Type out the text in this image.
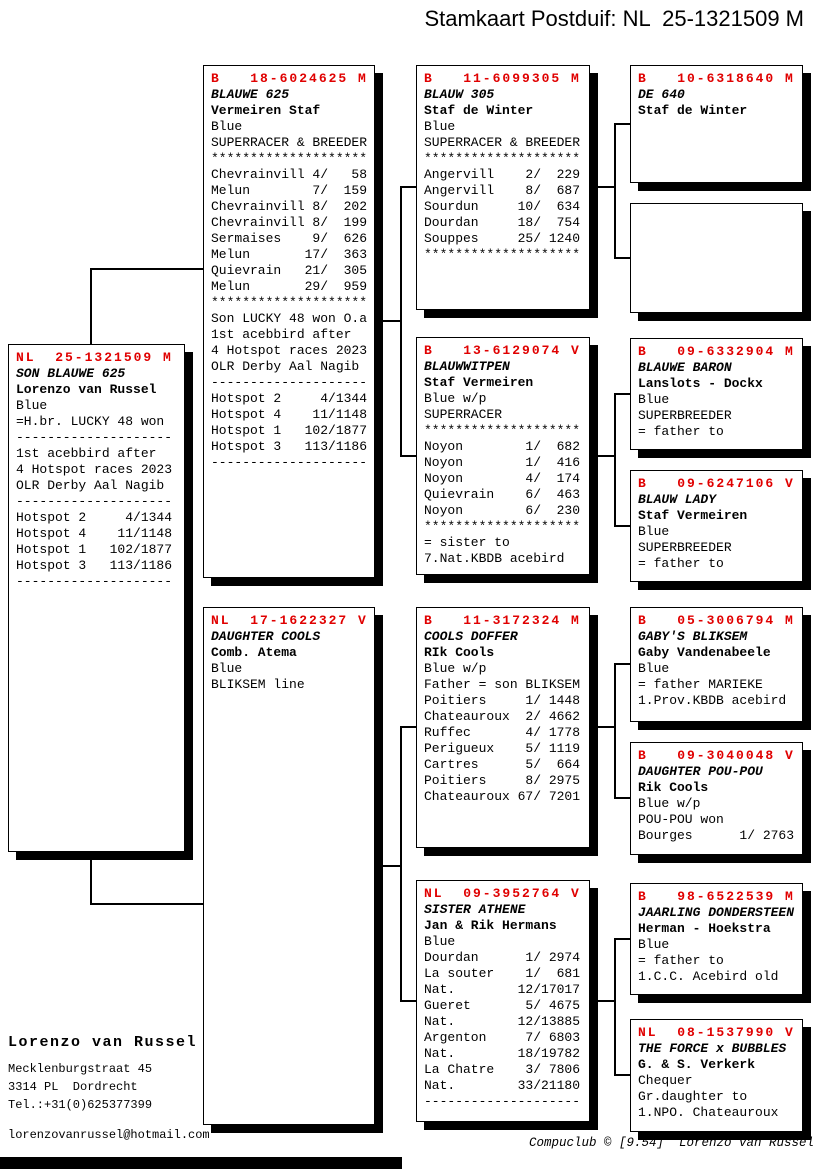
Stamkaart Postduif: NL  25-1321509 M
NL  25-1321509 M
SON BLAUWE 625
Lorenzo van Russel
Blue
=H.br. LUCKY 48 won
--------------------
1st acebbird after
4 Hotspot races 2023
OLR Derby Aal Nagib
--------------------
Hotspot 2     4/1344
Hotspot 4    11/1148
Hotspot 1   102/1877
Hotspot 3   113/1186
--------------------
B   18-6024625 M
BLAUWE 625
Vermeiren Staf
Blue
SUPERRACER & BREEDER
********************
Chevrainvill 4/   58
Melun        7/  159
Chevrainvill 8/  202
Chevrainvill 8/  199
Sermaises    9/  626
Melun       17/  363
Quievrain   21/  305
Melun       29/  959
********************
Son LUCKY 48 won O.a
1st acebbird after
4 Hotspot races 2023
OLR Derby Aal Nagib
--------------------
Hotspot 2     4/1344
Hotspot 4    11/1148
Hotspot 1   102/1877
Hotspot 3   113/1186
--------------------
NL  17-1622327 V
DAUGHTER COOLS
Comb. Atema
Blue
BLIKSEM line
B   11-6099305 M
BLAUW 305
Staf de Winter
Blue
SUPERRACER & BREEDER
********************
Angervill    2/  229
Angervill    8/  687
Sourdun     10/  634
Dourdan     18/  754
Souppes     25/ 1240
********************
B   13-6129074 V
BLAUWWITPEN
Staf Vermeiren
Blue w/p
SUPERRACER
********************
Noyon        1/  682
Noyon        1/  416
Noyon        4/  174
Quievrain    6/  463
Noyon        6/  230
********************
= sister to
7.Nat.KBDB acebird
B   11-3172324 M
COOLS DOFFER
RIk Cools
Blue w/p
Father = son BLIKSEM
Poitiers     1/ 1448
Chateauroux  2/ 4662
Ruffec       4/ 1778
Perigueux    5/ 1119
Cartres      5/  664
Poitiers     8/ 2975
Chateauroux 67/ 7201
NL  09-3952764 V
SISTER ATHENE
Jan & Rik Hermans
Blue
Dourdan      1/ 2974
La souter    1/  681
Nat.        12/17017
Gueret       5/ 4675
Nat.        12/13885
Argenton     7/ 6803
Nat.        18/19782
La Chatre    3/ 7806
Nat.        33/21180
--------------------
B   10-6318640 M
DE 640
Staf de Winter
B   09-6332904 M
BLAUWE BARON
Lanslots - Dockx
Blue
SUPERBREEDER
= father to
B   09-6247106 V
BLAUW LADY
Staf Vermeiren
Blue
SUPERBREEDER
= father to
B   05-3006794 M
GABY'S BLIKSEM
Gaby Vandenabeele
Blue
= father MARIEKE
1.Prov.KBDB acebird
B   09-3040048 V
DAUGHTER POU-POU
Rik Cools
Blue w/p
POU-POU won
Bourges      1/ 2763
B   98-6522539 M
JAARLING DONDERSTEEN
Herman - Hoekstra
Blue
= father to
1.C.C. Acebird old
NL  08-1537990 V
THE FORCE x BUBBLES
G. & S. Verkerk
Chequer
Gr.daughter to
1.NPO. Chateauroux
Lorenzo van Russel
Mecklenburgstraat 45
3314 PL  Dordrecht
Tel.:+31(0)625377399
lorenzovanrussel@hotmail.com
Compuclub © [9.54]  Lorenzo van Russel
